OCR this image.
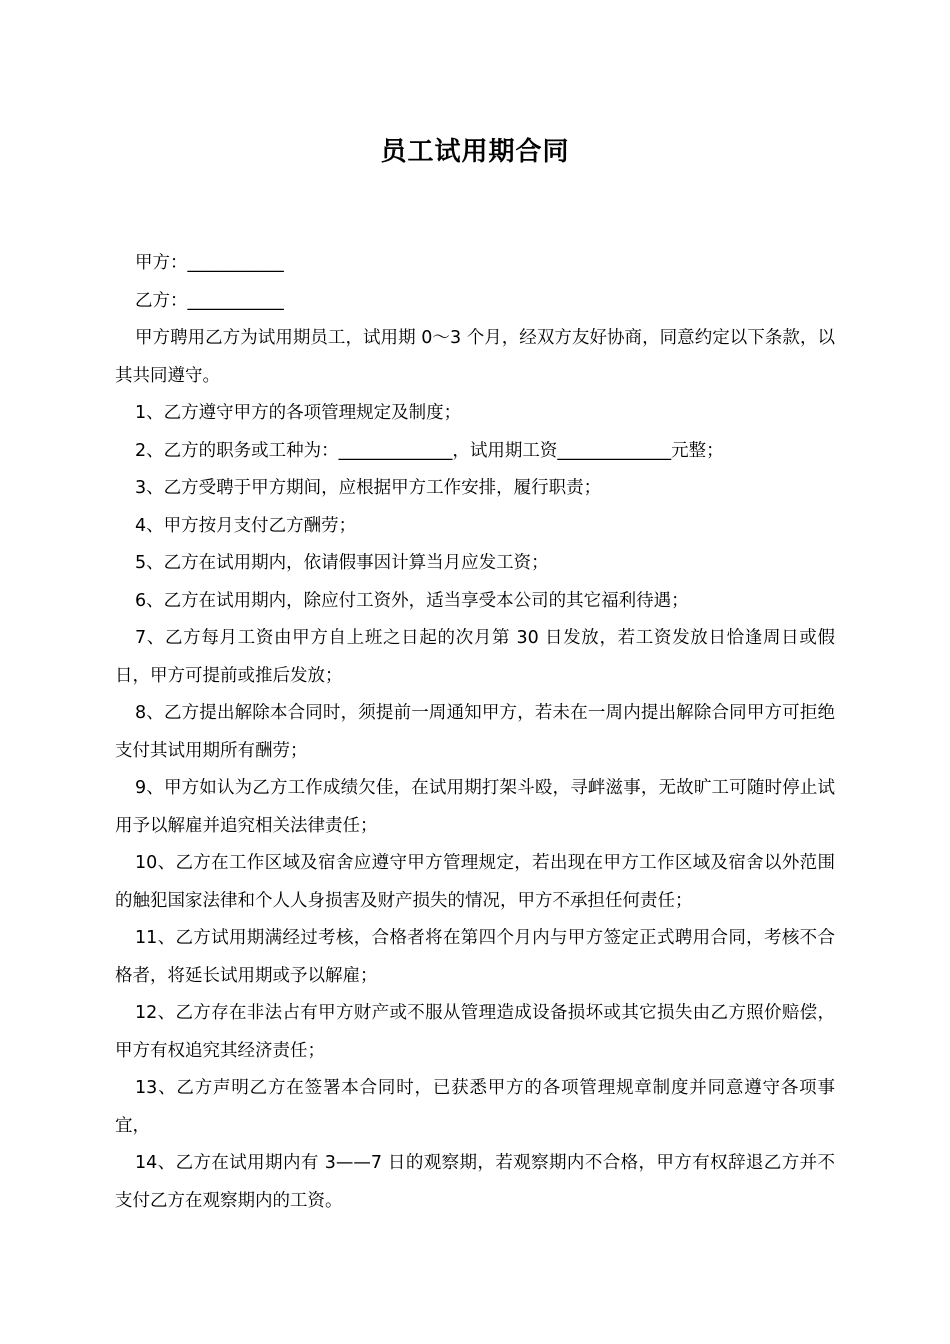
员工试用期合同

甲方：___________

乙方：___________

甲方聘用乙方为试用期员工，试用期 0～3 个月，经双方友好协商，同意约定以下条款，以其共同遵守。

1、乙方遵守甲方的各项管理规定及制度；

2、乙方的职务或工种为：_____________，试用期工资_____________元整；

3、乙方受聘于甲方期间，应根据甲方工作安排，履行职责；

4、甲方按月支付乙方酬劳；

5、乙方在试用期内，依请假事因计算当月应发工资；

6、乙方在试用期内，除应付工资外，适当享受本公司的其它福利待遇；

7、乙方每月工资由甲方自上班之日起的次月第 30 日发放，若工资发放日恰逢周日或假日，甲方可提前或推后发放；

8、乙方提出解除本合同时，须提前一周通知甲方，若未在一周内提出解除合同甲方可拒绝支付其试用期所有酬劳；

9、甲方如认为乙方工作成绩欠佳，在试用期打架斗殴，寻衅滋事，无故旷工可随时停止试用予以解雇并追究相关法律责任；

10、乙方在工作区域及宿舍应遵守甲方管理规定，若出现在甲方工作区域及宿舍以外范围的触犯国家法律和个人人身损害及财产损失的情况，甲方不承担任何责任；

11、乙方试用期满经过考核，合格者将在第四个月内与甲方签定正式聘用合同，考核不合格者，将延长试用期或予以解雇；

12、乙方存在非法占有甲方财产或不服从管理造成设备损坏或其它损失由乙方照价赔偿，甲方有权追究其经济责任；

13、乙方声明乙方在签署本合同时，已获悉甲方的各项管理规章制度并同意遵守各项事宜，

14、乙方在试用期内有 3——7 日的观察期，若观察期内不合格，甲方有权辞退乙方并不支付乙方在观察期内的工资。
